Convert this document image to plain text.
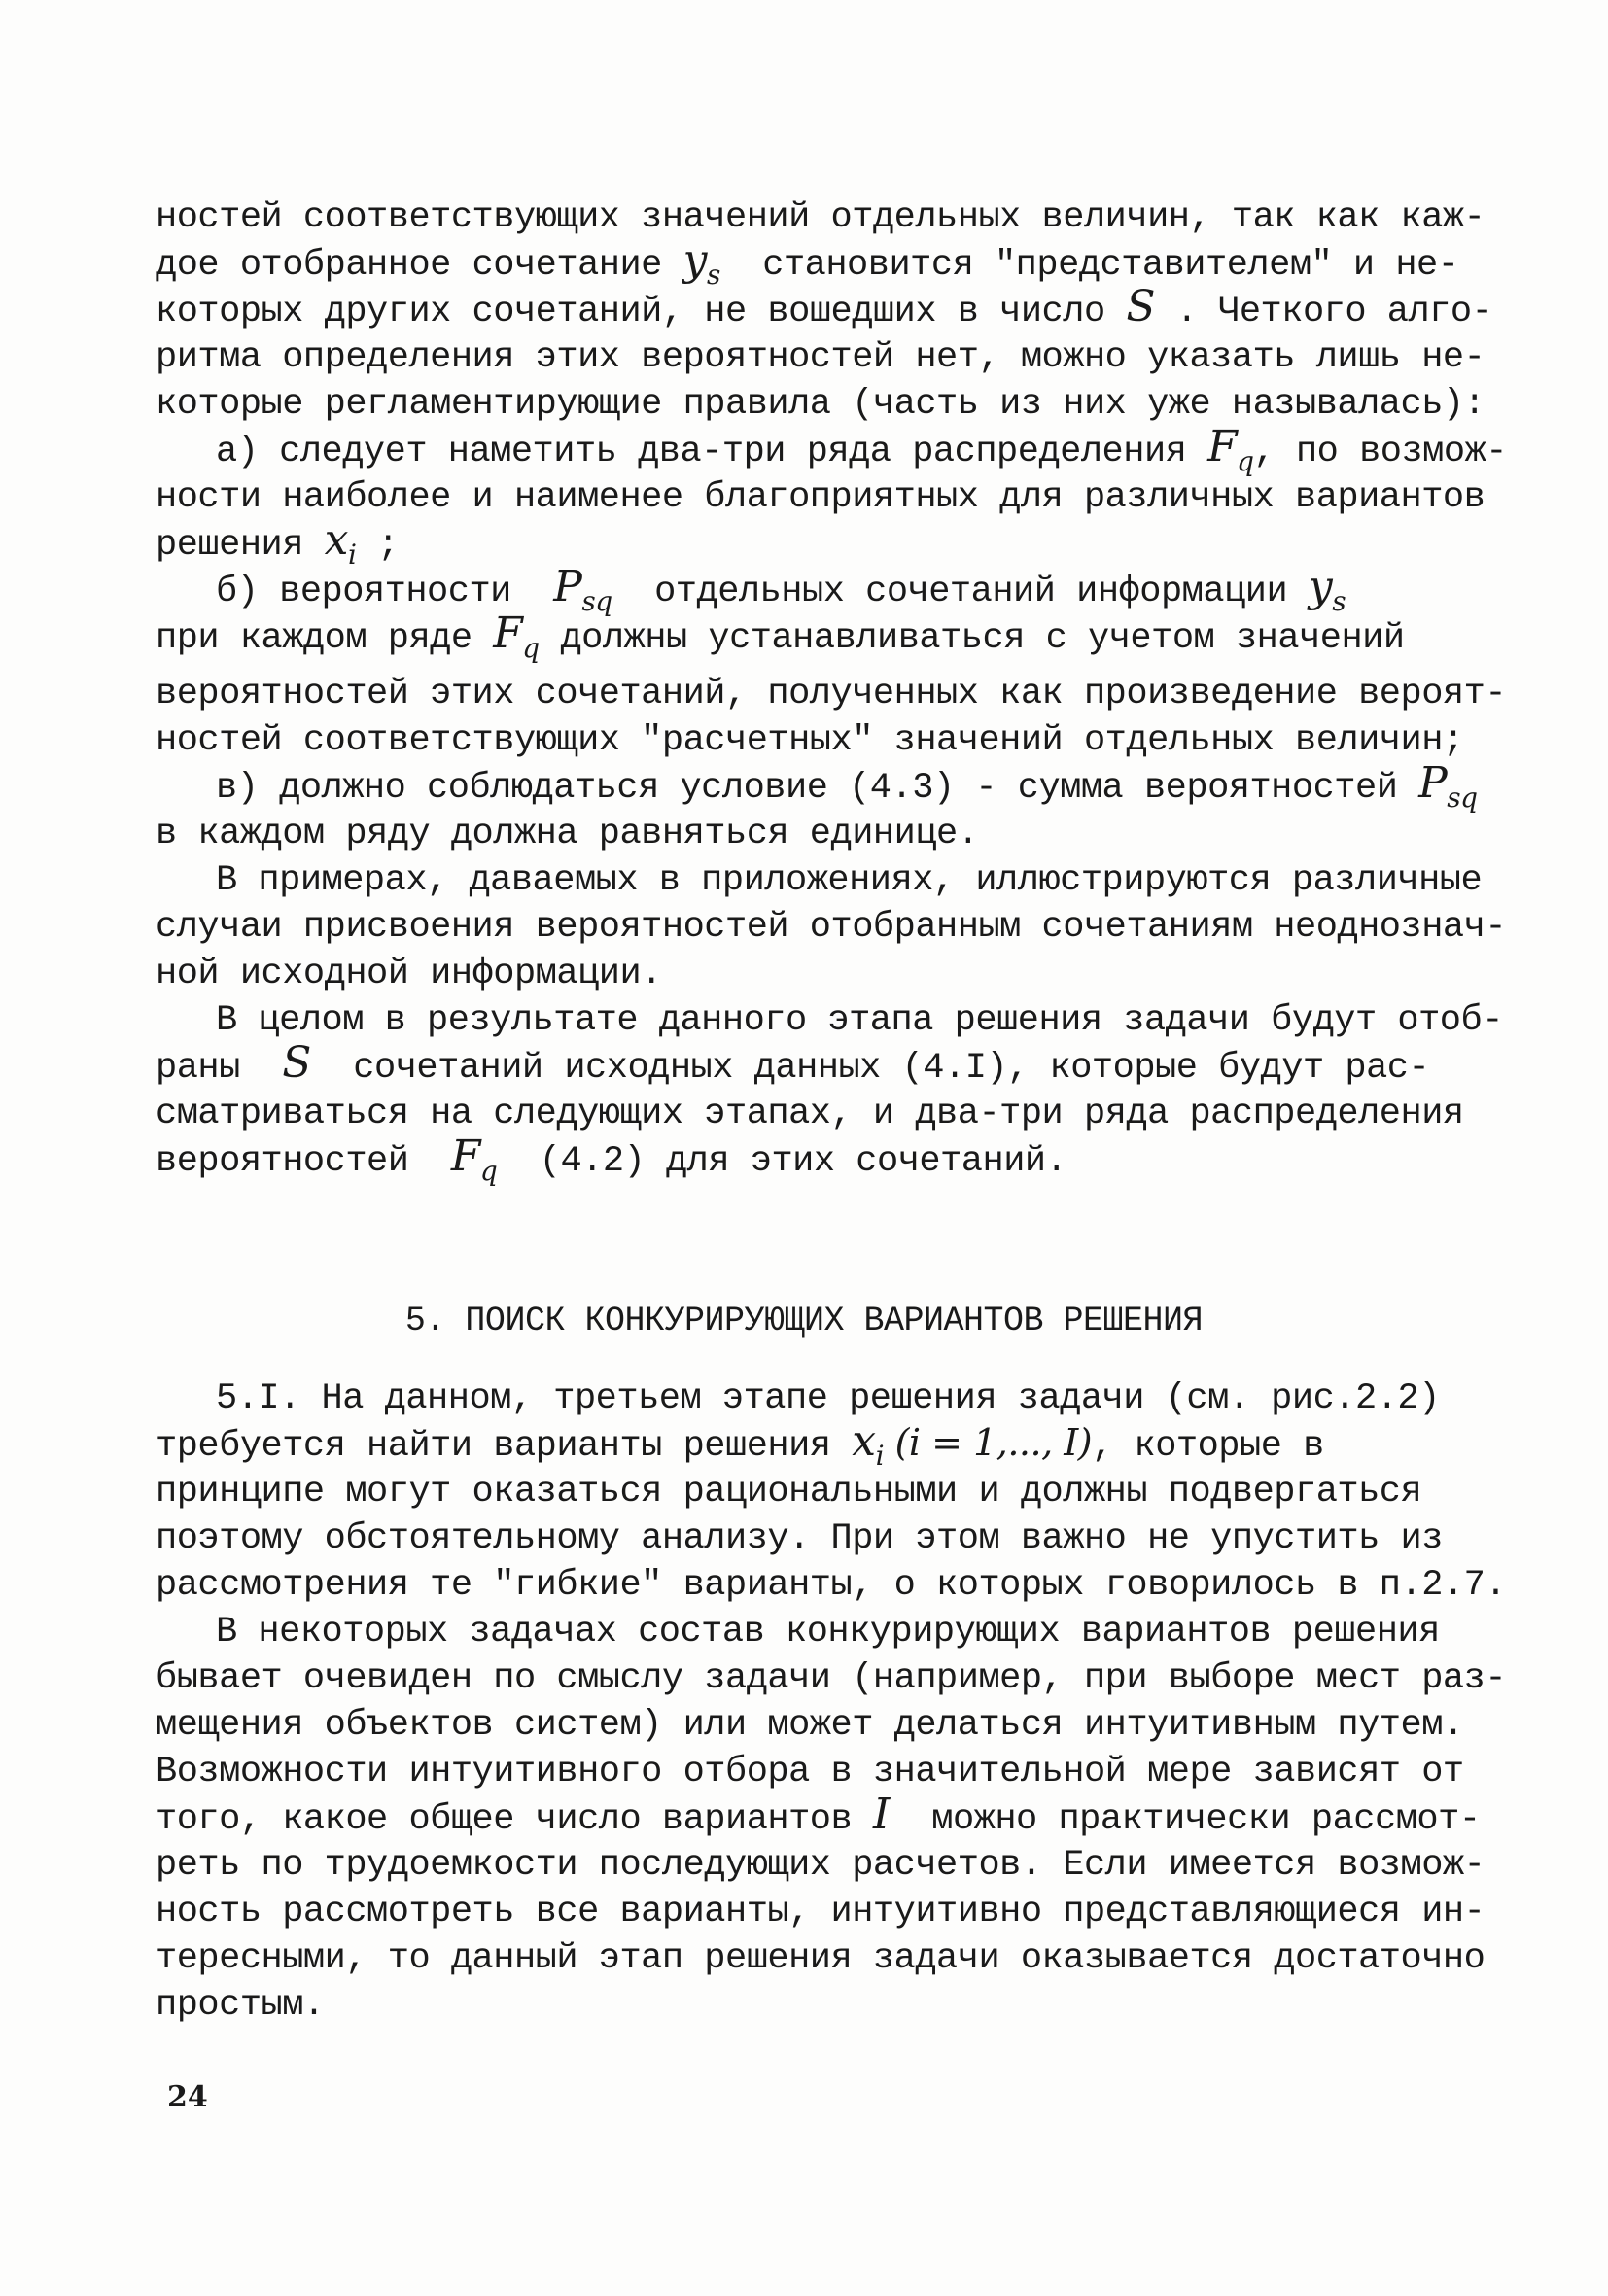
ностей соответствующих значений отдельных величин, так как каж-
дое отобранное сочетание $y_s$  становится "представителем" и не-
которых других сочетаний, не вошедших в число S . Четкого алго-
ритма определения этих вероятностей нет, можно указать лишь не-
которые регламентирующие правила (часть из них уже называлась):
а) следует наметить два-три ряда распределения $F_q$, по возмож-
ности наиболее и наименее благоприятных для различных вариантов
решения $x_i$ ;
б) вероятности  $P_{sq}$  отдельных сочетаний информации $y_s$
при каждом ряде $F_q$ должны устанавливаться с учетом значений
вероятностей этих сочетаний, полученных как произведение вероят-
ностей соответствующих "расчетных" значений отдельных величин;
в) должно соблюдаться условие (4.3) - сумма вероятностей $P_{sq}$
в каждом ряду должна равняться единице.
В примерах, даваемых в приложениях, иллюстрируются различные
случаи присвоения вероятностей отобранным сочетаниям неоднознач-
ной исходной информации.
В целом в результате данного этапа решения задачи будут отоб-
раны  S  сочетаний исходных данных (4.I), которые будут рас-
сматриваться на следующих этапах, и два-три ряда распределения
вероятностей  $F_q$  (4.2) для этих сочетаний.
5. ПОИСК КОНКУРИРУЮЩИХ ВАРИАНТОВ РЕШЕНИЯ
5.I. На данном, третьем этапе решения задачи (см. рис.2.2)
требуется найти варианты решения $x_i$ (i = 1,..., I), которые в
принципе могут оказаться рациональными и должны подвергаться
поэтому обстоятельному анализу. При этом важно не упустить из
рассмотрения те "гибкие" варианты, о которых говорилось в п.2.7.
В некоторых задачах состав конкурирующих вариантов решения
бывает очевиден по смыслу задачи (например, при выборе мест раз-
мещения объектов систем) или может делаться интуитивным путем.
Возможности интуитивного отбора в значительной мере зависят от
того, какое общее число вариантов I  можно практически рассмот-
реть по трудоемкости последующих расчетов. Если имеется возмож-
ность рассмотреть все варианты, интуитивно представляющиеся ин-
тересными, то данный этап решения задачи оказывается достаточно
простым.
24
